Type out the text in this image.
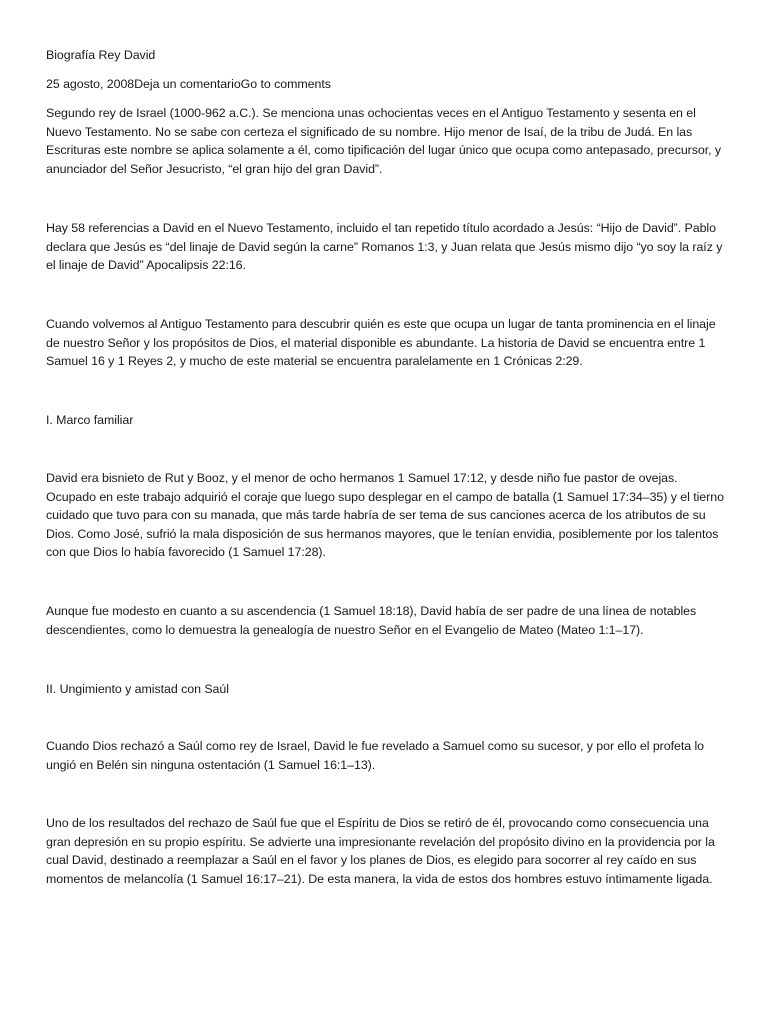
Biografía Rey David

25 agosto, 2008Deja un comentarioGo to comments

Segundo rey de Israel (1000-962 a.C.). Se menciona unas ochocientas veces en el Antiguo Testamento y sesenta en el Nuevo Testamento. No se sabe con certeza el significado de su nombre. Hijo menor de Isaí, de la tribu de Judá. En las Escrituras este nombre se aplica solamente a él, como tipificación del lugar único que ocupa como antepasado, precursor, y anunciador del Señor Jesucristo, “el gran hijo del gran David”.

Hay 58 referencias a David en el Nuevo Testamento, incluido el tan repetido título acordado a Jesús: “Hijo de David”. Pablo declara que Jesús es “del linaje de David según la carne” Romanos 1:3, y Juan relata que Jesús mismo dijo “yo soy la raíz y el linaje de David” Apocalipsis 22:16.

Cuando volvemos al Antiguo Testamento para descubrir quién es este que ocupa un lugar de tanta prominencia en el linaje de nuestro Señor y los propósitos de Dios, el material disponible es abundante. La historia de David se encuentra entre 1 Samuel 16 y 1 Reyes 2, y mucho de este material se encuentra paralelamente en 1 Crónicas 2:29.

I. Marco familiar

David era bisnieto de Rut y Booz, y el menor de ocho hermanos 1 Samuel 17:12, y desde niño fue pastor de ovejas. Ocupado en este trabajo adquirió el coraje que luego supo desplegar en el campo de batalla (1 Samuel 17:34–35) y el tierno cuidado que tuvo para con su manada, que más tarde habría de ser tema de sus canciones acerca de los atributos de su Dios. Como José, sufrió la mala disposición de sus hermanos mayores, que le tenían envidia, posiblemente por los talentos con que Dios lo había favorecido (1 Samuel 17:28).

Aunque fue modesto en cuanto a su ascendencia (1 Samuel 18:18), David había de ser padre de una línea de notables descendientes, como lo demuestra la genealogía de nuestro Señor en el Evangelio de Mateo (Mateo 1:1–17).

II. Ungimiento y amistad con Saúl

Cuando Dios rechazó a Saúl como rey de Israel, David le fue revelado a Samuel como su sucesor, y por ello el profeta lo ungió en Belén sin ninguna ostentación (1 Samuel 16:1–13).

Uno de los resultados del rechazo de Saúl fue que el Espíritu de Dios se retiró de él, provocando como consecuencia una gran depresión en su propio espíritu. Se advierte una impresionante revelación del propósito divino en la providencia por la cual David, destinado a reemplazar a Saúl en el favor y los planes de Dios, es elegido para socorrer al rey caído en sus momentos de melancolía (1 Samuel 16:17–21). De esta manera, la vida de estos dos hombres estuvo íntimamente ligada.
